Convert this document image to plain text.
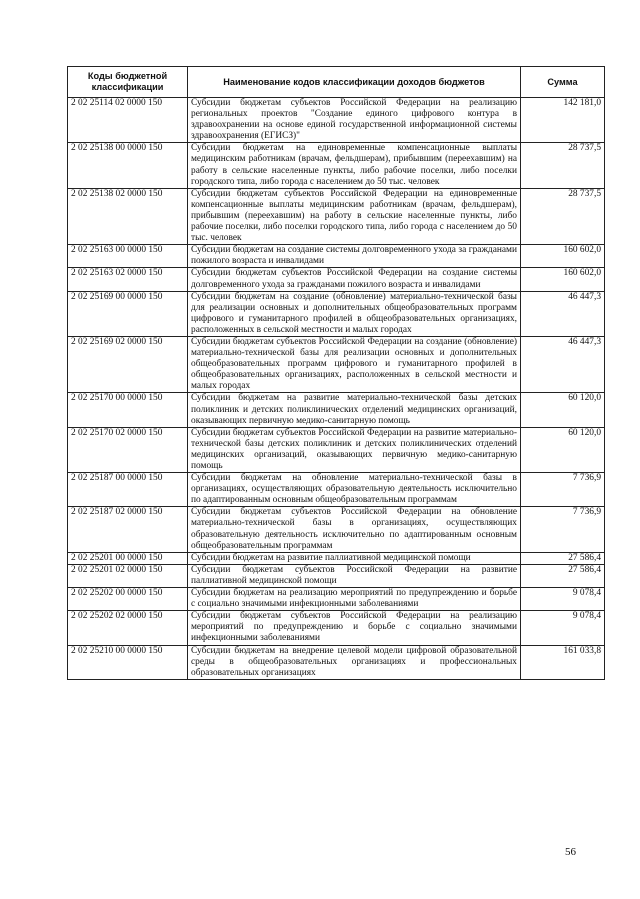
Коды бюджетной классификации	Наименование кодов классификации доходов бюджетов	Сумма
2 02 25114 02 0000 150	Субсидии бюджетам субъектов Российской Федерации на реализацию региональных проектов "Создание единого цифрового контура в здравоохранении на основе единой государственной информационной системы здравоохранения (ЕГИСЗ)"	142 181,0
2 02 25138 00 0000 150	Субсидии бюджетам на единовременные компенсационные выплаты медицинским работникам (врачам, фельдшерам), прибывшим (переехавшим) на работу в сельские населенные пункты, либо рабочие поселки, либо поселки городского типа, либо города с населением до 50 тыс. человек	28 737,5
2 02 25138 02 0000 150	Субсидии бюджетам субъектов Российской Федерации на единовременные компенсационные выплаты медицинским работникам (врачам, фельдшерам), прибывшим (переехавшим) на работу в сельские населенные пункты, либо рабочие поселки, либо поселки городского типа, либо города с населением до 50 тыс. человек	28 737,5
2 02 25163 00 0000 150	Субсидии бюджетам на создание системы долговременного ухода за гражданами пожилого возраста и инвалидами	160 602,0
2 02 25163 02 0000 150	Субсидии бюджетам субъектов Российской Федерации на создание системы долговременного ухода за гражданами пожилого возраста и инвалидами	160 602,0
2 02 25169 00 0000 150	Субсидии бюджетам на создание (обновление) материально-технической базы для реализации основных и дополнительных общеобразовательных программ цифрового и гуманитарного профилей в общеобразовательных организациях, расположенных в сельской местности и малых городах	46 447,3
2 02 25169 02 0000 150	Субсидии бюджетам субъектов Российской Федерации на создание (обновление) материально-технической базы для реализации основных и дополнительных общеобразовательных программ цифрового и гуманитарного профилей в общеобразовательных организациях, расположенных в сельской местности и малых городах	46 447,3
2 02 25170 00 0000 150	Субсидии бюджетам на развитие материально-технической базы детских поликлиник и детских поликлинических отделений медицинских организаций, оказывающих первичную медико-санитарную помощь	60 120,0
2 02 25170 02 0000 150	Субсидии бюджетам субъектов Российской Федерации на развитие материально-технической базы детских поликлиник и детских поликлинических отделений медицинских организаций, оказывающих первичную медико-санитарную помощь	60 120,0
2 02 25187 00 0000 150	Субсидии бюджетам на обновление материально-технической базы в организациях, осуществляющих образовательную деятельность исключительно по адаптированным основным общеобразовательным программам	7 736,9
2 02 25187 02 0000 150	Субсидии бюджетам субъектов Российской Федерации на обновление материально-технической базы в организациях, осуществляющих образовательную деятельность исключительно по адаптированным основным общеобразовательным программам	7 736,9
2 02 25201 00 0000 150	Субсидии бюджетам на развитие паллиативной медицинской помощи	27 586,4
2 02 25201 02 0000 150	Субсидии бюджетам субъектов Российской Федерации на развитие паллиативной медицинской помощи	27 586,4
2 02 25202 00 0000 150	Субсидии бюджетам на реализацию мероприятий по предупреждению и борьбе с социально значимыми инфекционными заболеваниями	9 078,4
2 02 25202 02 0000 150	Субсидии бюджетам субъектов Российской Федерации на реализацию мероприятий по предупреждению и борьбе с социально значимыми инфекционными заболеваниями	9 078,4
2 02 25210 00 0000 150	Субсидии бюджетам на внедрение целевой модели цифровой образовательной среды в общеобразовательных организациях и профессиональных образовательных организациях	161 033,8
56
